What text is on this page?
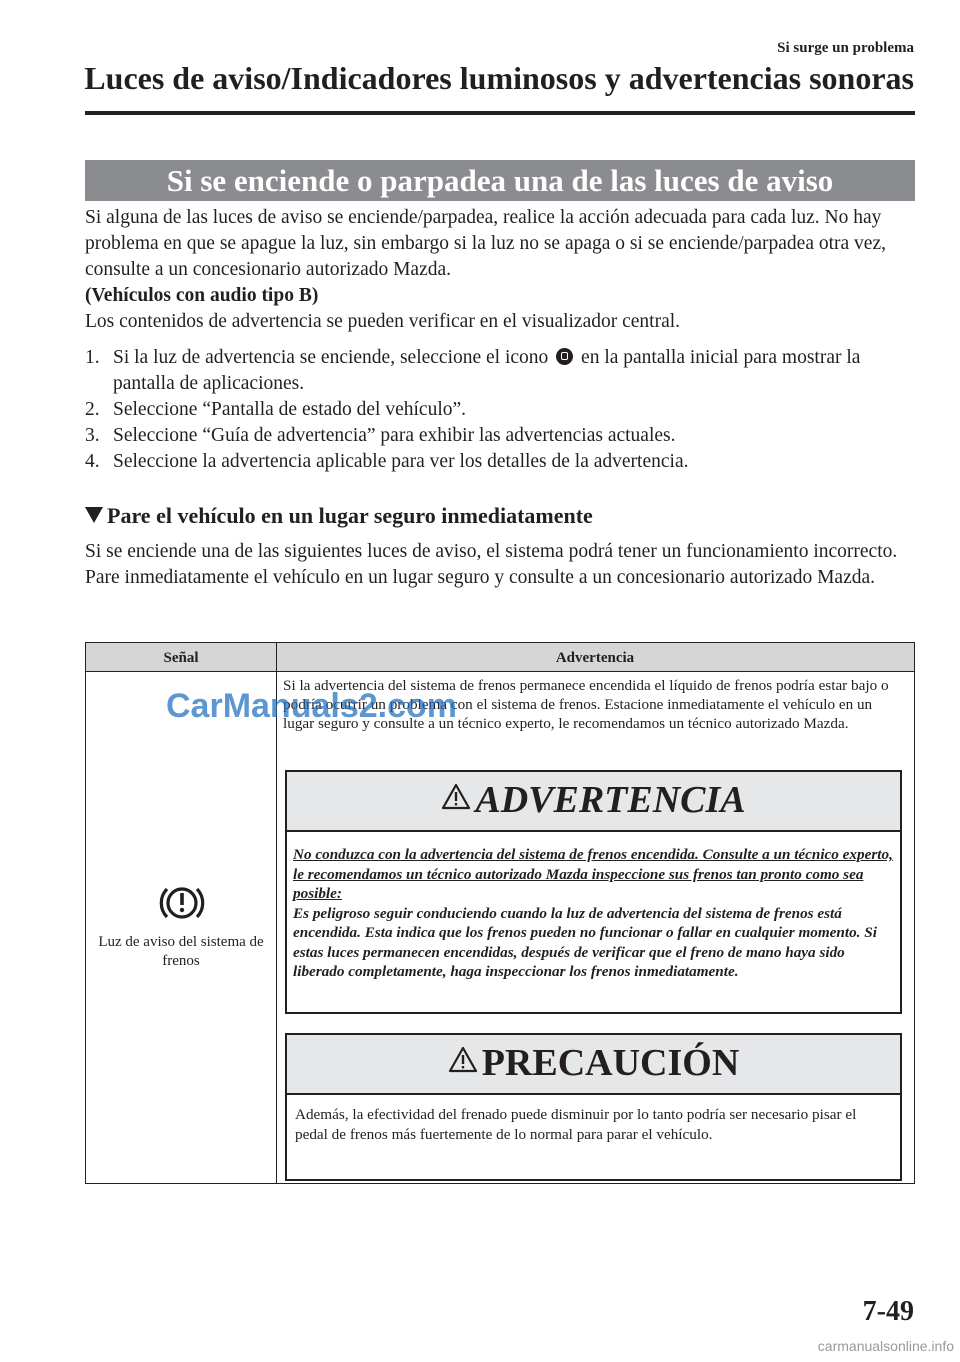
Si surge un problema
Luces de aviso/Indicadores luminosos y advertencias sonoras
Si se enciende o parpadea una de las luces de aviso
Si alguna de las luces de aviso se enciende/parpadea, realice la acción adecuada para cada luz. No hay problema en que se apague la luz, sin embargo si la luz no se apaga o si se enciende/parpadea otra vez, consulte a un concesionario autorizado Mazda.
(Vehículos con audio tipo B)
Los contenidos de advertencia se pueden verificar en el visualizador central.
1. Si la luz de advertencia se enciende, seleccione el icono en la pantalla inicial para mostrar la pantalla de aplicaciones.
2. Seleccione “Pantalla de estado del vehículo”.
3. Seleccione “Guía de advertencia” para exhibir las advertencias actuales.
4. Seleccione la advertencia aplicable para ver los detalles de la advertencia.
Pare el vehículo en un lugar seguro inmediatamente
Si se enciende una de las siguientes luces de aviso, el sistema podrá tener un funcionamiento incorrecto. Pare inmediatamente el vehículo en un lugar seguro y consulte a un concesionario autorizado Mazda.
Señal	Advertencia
Luz de aviso del sistema de frenos
Si la advertencia del sistema de frenos permanece encendida el líquido de frenos podría estar bajo o podría ocurrir un problema con el sistema de frenos. Estacione inmediatamente el vehículo en un lugar seguro y consulte a un técnico experto, le recomendamos un técnico autorizado Mazda.
CarManuals2.com
ADVERTENCIA
No conduzca con la advertencia del sistema de frenos encendida. Consulte a un técnico experto, le recomendamos un técnico autorizado Mazda inspeccione sus frenos tan pronto como sea posible:
Es peligroso seguir conduciendo cuando la luz de advertencia del sistema de frenos está encendida. Esta indica que los frenos pueden no funcionar o fallar en cualquier momento. Si estas luces permanecen encendidas, después de verificar que el freno de mano haya sido liberado completamente, haga inspeccionar los frenos inmediatamente.
PRECAUCIÓN
Además, la efectividad del frenado puede disminuir por lo tanto podría ser necesario pisar el pedal de frenos más fuertemente de lo normal para parar el vehículo.
7-49
carmanualsonline.info
